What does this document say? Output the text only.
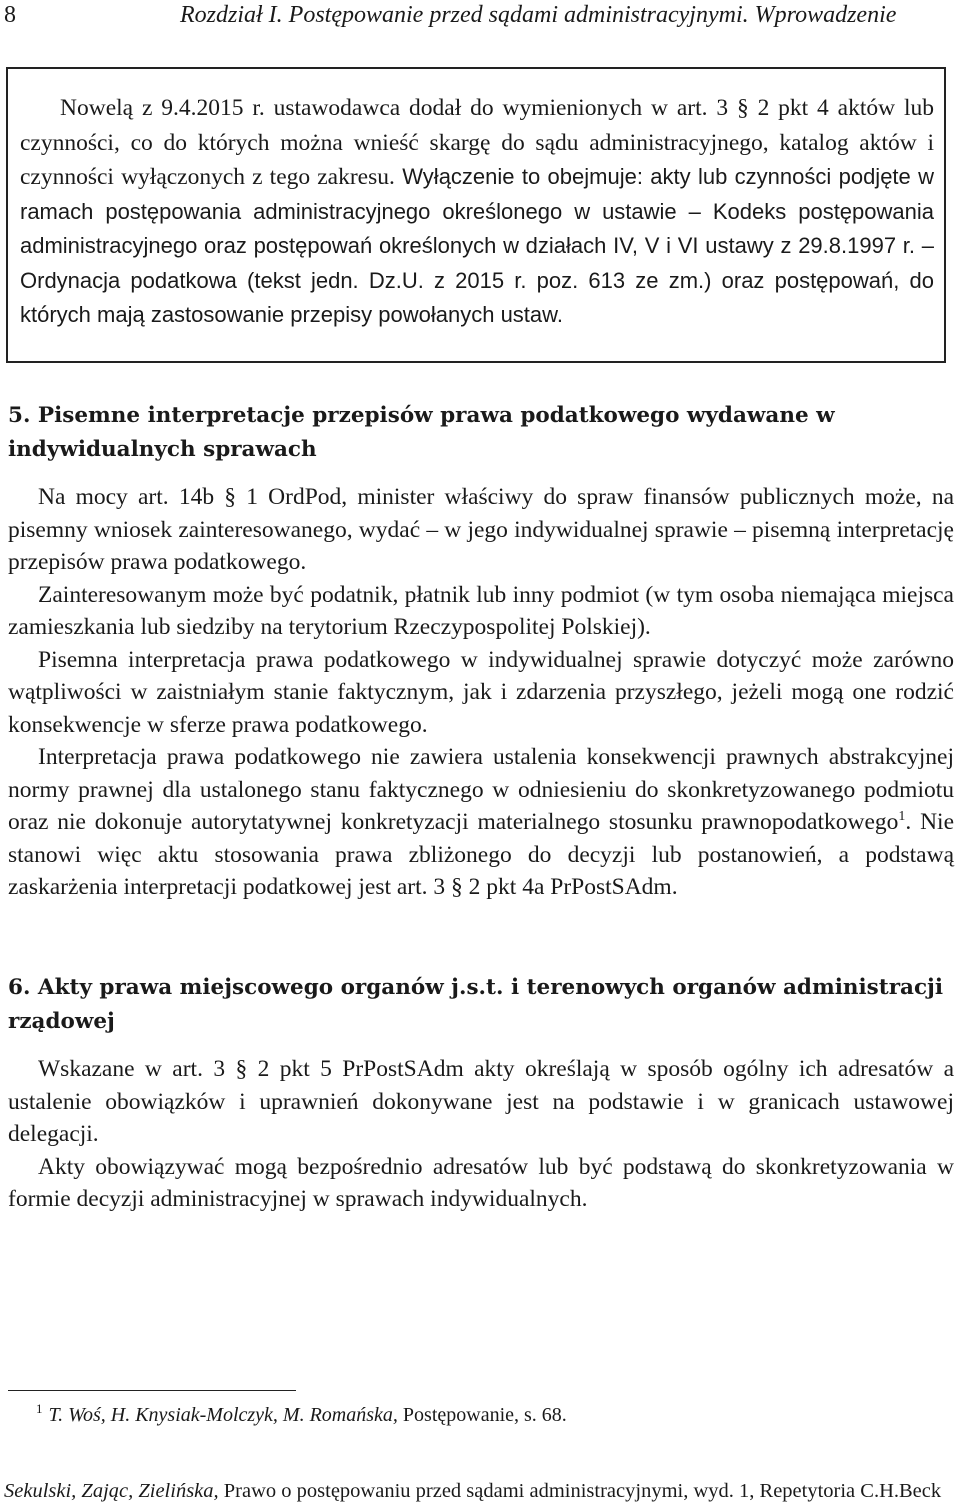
8	Rozdział I. Postępowanie przed sądami administracyjnymi. Wprowadzenie

Nowelą z 9.4.2015 r. ustawodawca dodał do wymienionych w art. 3 § 2 pkt 4 aktów lub czynności, co do których można wnieść skargę do sądu administracyjnego, katalog aktów i czynności wyłączonych z tego zakresu. Wyłączenie to obejmuje: akty lub czynności podjęte w ramach postępowania administracyjnego określonego w ustawie – Kodeks postępowania administracyjnego oraz postępowań określonych w działach IV, V i VI ustawy z 29.8.1997 r. – Ordynacja podatkowa (tekst jedn. Dz.U. z 2015 r. poz. 613 ze zm.) oraz postępowań, do których mają zastosowanie przepisy powołanych ustaw.

5. Pisemne interpretacje przepisów prawa podatkowego wydawane w indywidualnych sprawach

Na mocy art. 14b § 1 OrdPod, minister właściwy do spraw finansów publicznych może, na pisemny wniosek zainteresowanego, wydać – w jego indywidualnej sprawie – pisemną interpretację przepisów prawa podatkowego.

Zainteresowanym może być podatnik, płatnik lub inny podmiot (w tym osoba niemająca miejsca zamieszkania lub siedziby na terytorium Rzeczypospolitej Polskiej).

Pisemna interpretacja prawa podatkowego w indywidualnej sprawie dotyczyć może zarówno wątpliwości w zaistniałym stanie faktycznym, jak i zdarzenia przyszłego, jeżeli mogą one rodzić konsekwencje w sferze prawa podatkowego.

Interpretacja prawa podatkowego nie zawiera ustalenia konsekwencji prawnych abstrakcyjnej normy prawnej dla ustalonego stanu faktycznego w odniesieniu do skonkretyzowanego podmiotu oraz nie dokonuje autorytatywnej konkretyzacji materialnego stosunku prawnopodatkowego$^1$. Nie stanowi więc aktu stosowania prawa zbliżonego do decyzji lub postanowień, a podstawą zaskarżenia interpretacji podatkowej jest art. 3 § 2 pkt 4a PrPostSAdm.

6. Akty prawa miejscowego organów j.s.t. i terenowych organów administracji rządowej

Wskazane w art. 3 § 2 pkt 5 PrPostSAdm akty określają w sposób ogólny ich adresatów a ustalenie obowiązków i uprawnień dokonywane jest na podstawie i w granicach ustawowej delegacji.

Akty obowiązywać mogą bezpośrednio adresatów lub być podstawą do skonkretyzowania w formie decyzji administracyjnej w sprawach indywidualnych.

$^1$ T. Woś, H. Knysiak-Molczyk, M. Romańska, Postępowanie, s. 68.
Sekulski, Zając, Zielińska, Prawo o postępowaniu przed sądami administracyjnymi, wyd. 1, Repetytoria C.H.Beck
